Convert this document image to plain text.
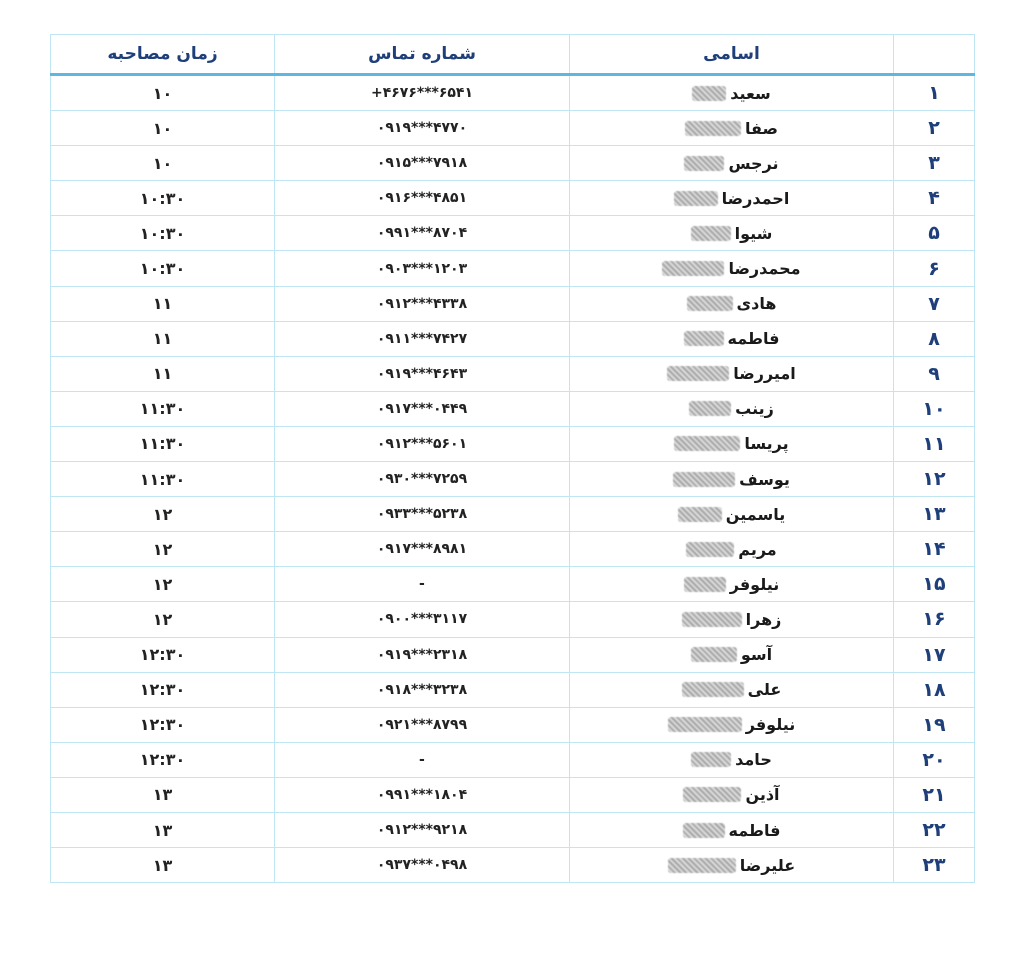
زمان مصاحبه	شماره تماس	اسامی	
۱۰	+۴۶۷۶***۶۵۴۱	سعید	۱
۱۰	۰۹۱۹***۴۷۷۰	صفا	۲
۱۰	۰۹۱۵***۷۹۱۸	نرجس	۳
۱۰:۳۰	۰۹۱۶***۴۸۵۱	احمدرضا	۴
۱۰:۳۰	۰۹۹۱***۸۷۰۴	شیوا	۵
۱۰:۳۰	۰۹۰۳***۱۲۰۳	محمدرضا	۶
۱۱	۰۹۱۲***۴۳۳۸	هادی	۷
۱۱	۰۹۱۱***۷۴۲۷	فاطمه	۸
۱۱	۰۹۱۹***۴۶۴۳	امیررضا	۹
۱۱:۳۰	۰۹۱۷***۰۴۴۹	زینب	۱۰
۱۱:۳۰	۰۹۱۲***۵۶۰۱	پریسا	۱۱
۱۱:۳۰	۰۹۳۰***۷۲۵۹	یوسف	۱۲
۱۲	۰۹۳۳***۵۲۳۸	یاسمین	۱۳
۱۲	۰۹۱۷***۸۹۸۱	مریم	۱۴
۱۲	-	نیلوفر	۱۵
۱۲	۰۹۰۰***۳۱۱۷	زهرا	۱۶
۱۲:۳۰	۰۹۱۹***۲۳۱۸	آسو	۱۷
۱۲:۳۰	۰۹۱۸***۳۲۳۸	علی	۱۸
۱۲:۳۰	۰۹۲۱***۸۷۹۹	نیلوفر	۱۹
۱۲:۳۰	-	حامد	۲۰
۱۳	۰۹۹۱***۱۸۰۴	آذین	۲۱
۱۳	۰۹۱۲***۹۲۱۸	فاطمه	۲۲
۱۳	۰۹۳۷***۰۴۹۸	علیرضا	۲۳
